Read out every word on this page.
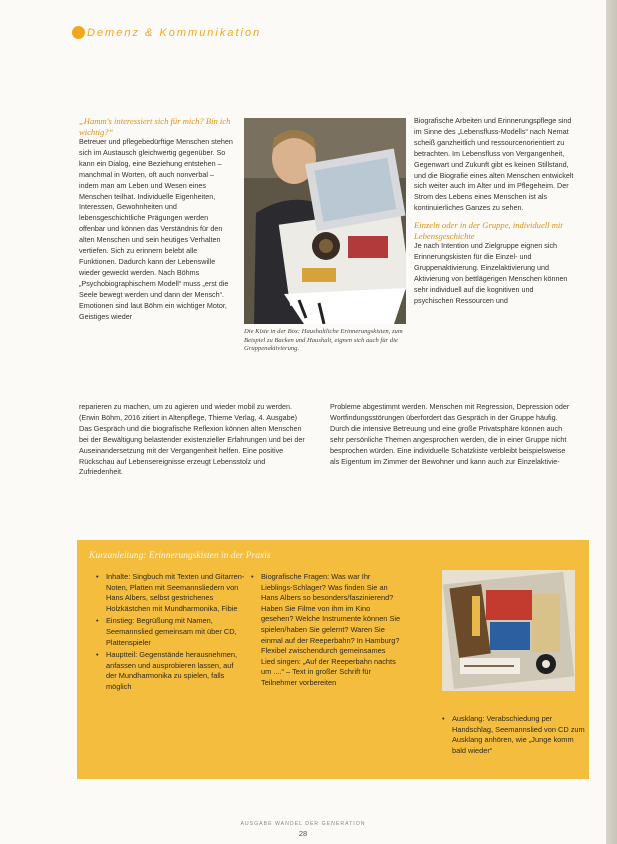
Demenz & Kommunikation

„Hamm's interessiert sich für mich? Bin ich wichtig?“

Betreuer und pflegebedürftige Menschen stehen sich im Austausch gleichwertig gegenüber. So kann ein Dialog, eine Beziehung entstehen – manchmal in Worten, oft auch nonverbal – indem man am Leben und Wesen eines Menschen teilhat. Individuelle Eigenheiten, Interessen, Gewohnheiten und lebensgeschichtliche Prägungen werden offenbar und können das Verständnis für den alten Menschen und sein heutiges Verhalten vertiefen. Sich zu erinnern belebt alle Funktionen. Dadurch kann der Lebenswille wieder geweckt werden. Nach Böhms „Psychobiographischem Modell“ muss „erst die Seele bewegt werden und dann der Mensch“. Emotionen sind laut Böhm ein wichtiger Motor, Geistiges wieder

reparieren zu machen, um zu agieren und wieder mobil zu werden. (Erwin Böhm, 2016 zitiert in Altenpflege, Thieme Verlag, 4. Ausgabe)

Das Gespräch und die biografische Reflexion können alten Menschen bei der Bewältigung belastender existenzieller Erfahrungen und bei der Auseinandersetzung mit der Vergangenheit helfen. Eine positive Rückschau auf Lebensereignisse erzeugt Lebensstolz und Zufriedenheit.

Die Kiste in der Box: Haushaltliche Erinnerungskisten, zum Beispiel zu Backen und Haushalt, eignen sich auch für die Gruppenaktivierung.

Biografische Arbeiten und Erinnerungspflege sind im Sinne des „Lebensfluss-Modells“ nach Nemat scheiß ganzheitlich und ressourcenorientiert zu betrachten. Im Lebensfluss von Vergangenheit, Gegenwart und Zukunft gibt es keinen Stillstand, und die Biografie eines alten Menschen entwickelt sich weiter auch im Alter und im Pflegeheim. Der Strom des Lebens eines Menschen ist als kontinuierliches Ganzes zu sehen.

Einzeln oder in der Gruppe, individuell mit Lebensgeschichte

Je nach Intention und Zielgruppe eignen sich Erinnerungskisten für die Einzel- und Gruppenaktivierung. Einzelaktivierung und Aktivierung von bettlägerigen Menschen können sehr individuell auf die kognitiven und psychischen Ressourcen und

Probleme abgestimmt werden. Menschen mit Regression, Depression oder Wortfindungsstörungen überfordert das Gespräch in der Gruppe häufig. Durch die intensive Betreuung und eine große Privatsphäre können auch sehr persönliche Themen angesprochen werden, die in einer Gruppe nicht besprochen würden. Eine individuelle Schatzkiste verbleibt beispielsweise als Eigentum im Zimmer der Bewohner und kann auch zur Einzelaktivie-

Kurzanleitung: Erinnerungskisten in der Praxis
• Inhalte: Singbuch mit Texten und Gitarren-Noten, Platten mit Seemannsliedern von Hans Albers, selbst gestrichenes Holzkästchen mit Mundharmonika, Fibie
• Einstieg: Begrüßung mit Namen, Seemannslied gemeinsam mit über CD, Plattenspieler
• Hauptteil: Gegenstände herausnehmen, anfassen und ausprobieren lassen, auf der Mundharmonika zu spielen, falls möglich
• Biografische Fragen: Was war Ihr Lieblings-Schlager? Was finden Sie an Hans Albers so besonders/faszinierend? Haben Sie Filme von ihm im Kino gesehen? Welche Instrumente können Sie spielen/haben Sie gelernt? Waren Sie einmal auf der Reeperbahn? In Hamburg? Flexibel zwischendurch gemeinsames Lied singen: „Auf der Reeperbahn nachts um ....“ – Text in großer Schrift für Teilnehmer vorbereiten
• Ausklang: Verabschiedung per Handschlag, Seemannslied von CD zum Ausklang anhören, wie „Junge komm bald wieder“
AUSGABE WANDEL DER GENERATION
28
